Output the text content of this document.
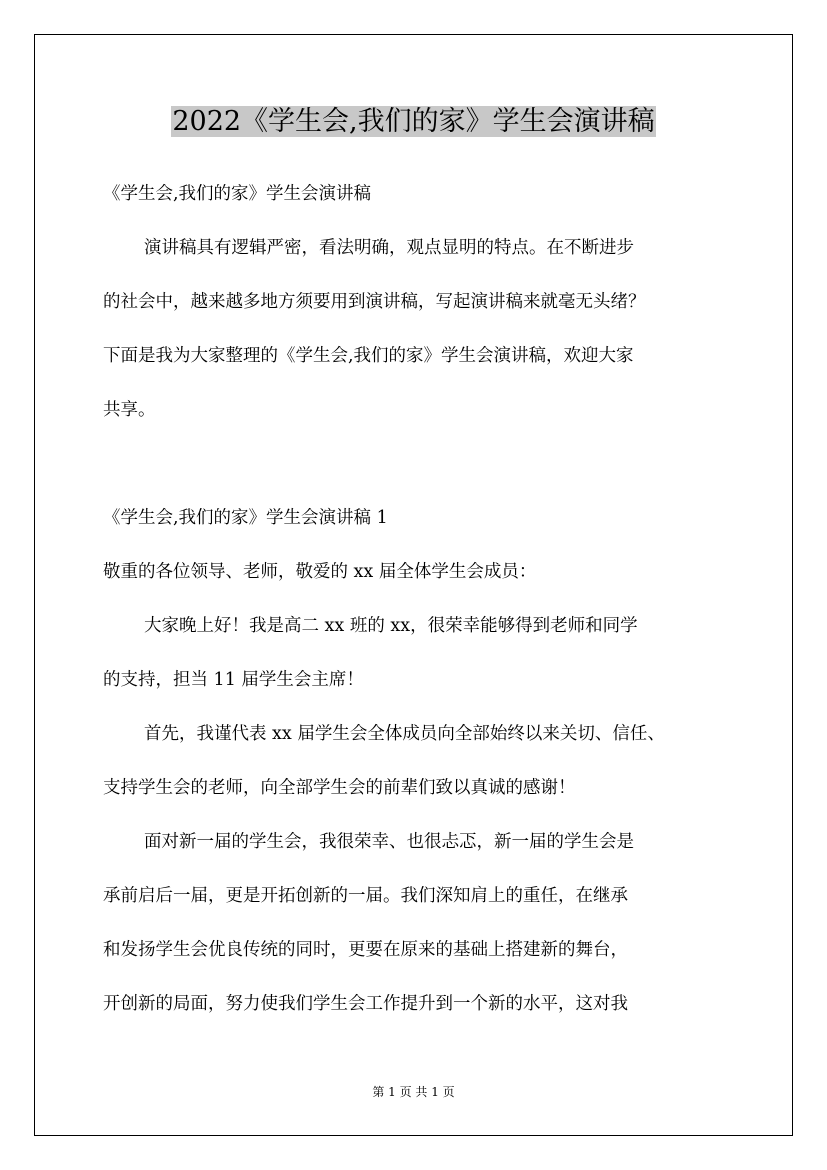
2022《学生会,我们的家》学生会演讲稿
《学生会,我们的家》学生会演讲稿
演讲稿具有逻辑严密，看法明确，观点显明的特点。在不断进步
的社会中，越来越多地方须要用到演讲稿，写起演讲稿来就毫无头绪？
下面是我为大家整理的《学生会,我们的家》学生会演讲稿，欢迎大家
共享。
《学生会,我们的家》学生会演讲稿 1
敬重的各位领导、老师，敬爱的 xx 届全体学生会成员：
大家晚上好！我是高二 xx 班的 xx，很荣幸能够得到老师和同学
的支持，担当 11 届学生会主席！
首先，我谨代表 xx 届学生会全体成员向全部始终以来关切、信任、
支持学生会的老师，向全部学生会的前辈们致以真诚的感谢！
面对新一届的学生会，我很荣幸、也很忐忑，新一届的学生会是
承前启后一届，更是开拓创新的一届。我们深知肩上的重任，在继承
和发扬学生会优良传统的同时，更要在原来的基础上搭建新的舞台，
开创新的局面，努力使我们学生会工作提升到一个新的水平，这对我
第 1 页 共 1 页
